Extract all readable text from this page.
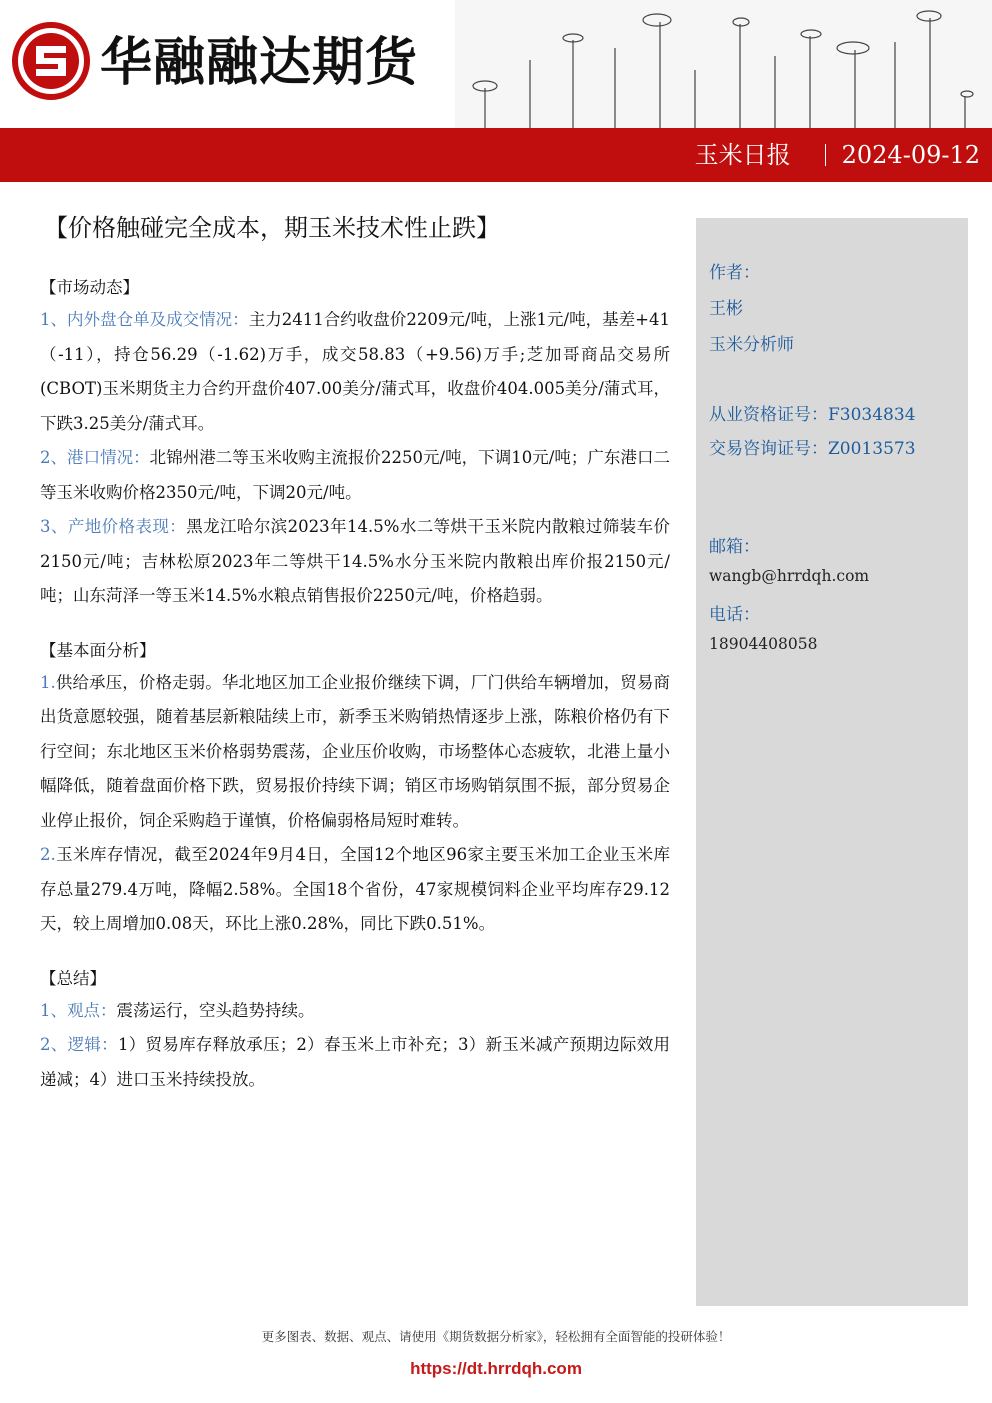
华融融达期货
玉米日报 2024-09-12
【价格触碰完全成本，期玉米技术性止跌】
【市场动态】

1、内外盘仓单及成交情况：主力2411合约收盘价2209元/吨，上涨1元/吨，基差+41（-11），持仓56.29（-1.62)万手，成交58.83（+9.56)万手;芝加哥商品交易所(CBOT)玉米期货主力合约开盘价407.00美分/蒲式耳，收盘价404.005美分/蒲式耳，下跌3.25美分/蒲式耳。

2、港口情况：北锦州港二等玉米收购主流报价2250元/吨，下调10元/吨；广东港口二等玉米收购价格2350元/吨，下调20元/吨。

3、产地价格表现：黑龙江哈尔滨2023年14.5%水二等烘干玉米院内散粮过筛装车价2150元/吨；吉林松原2023年二等烘干14.5%水分玉米院内散粮出库价报2150元/吨；山东菏泽一等玉米14.5%水粮点销售报价2250元/吨，价格趋弱。

【基本面分析】

1.供给承压，价格走弱。华北地区加工企业报价继续下调，厂门供给车辆增加，贸易商出货意愿较强，随着基层新粮陆续上市，新季玉米购销热情逐步上涨，陈粮价格仍有下行空间；东北地区玉米价格弱势震荡，企业压价收购，市场整体心态疲软，北港上量小幅降低，随着盘面价格下跌，贸易报价持续下调；销区市场购销氛围不振，部分贸易企业停止报价，饲企采购趋于谨慎，价格偏弱格局短时难转。

2.玉米库存情况，截至2024年9月4日，全国12个地区96家主要玉米加工企业玉米库存总量279.4万吨，降幅2.58%。全国18个省份，47家规模饲料企业平均库存29.12天，较上周增加0.08天，环比上涨0.28%，同比下跌0.51%。

【总结】

1、观点：震荡运行，空头趋势持续。

2、逻辑：1）贸易库存释放承压；2）春玉米上市补充；3）新玉米减产预期边际效用递减；4）进口玉米持续投放。

作者：
王彬
玉米分析师
从业资格证号：F3034834
交易咨询证号：Z0013573
邮箱：
wangb@hrrdqh.com
电话：
18904408058
更多图表、数据、观点、请使用《期货数据分析家》，轻松拥有全面智能的投研体验！
https://dt.hrrdqh.com
